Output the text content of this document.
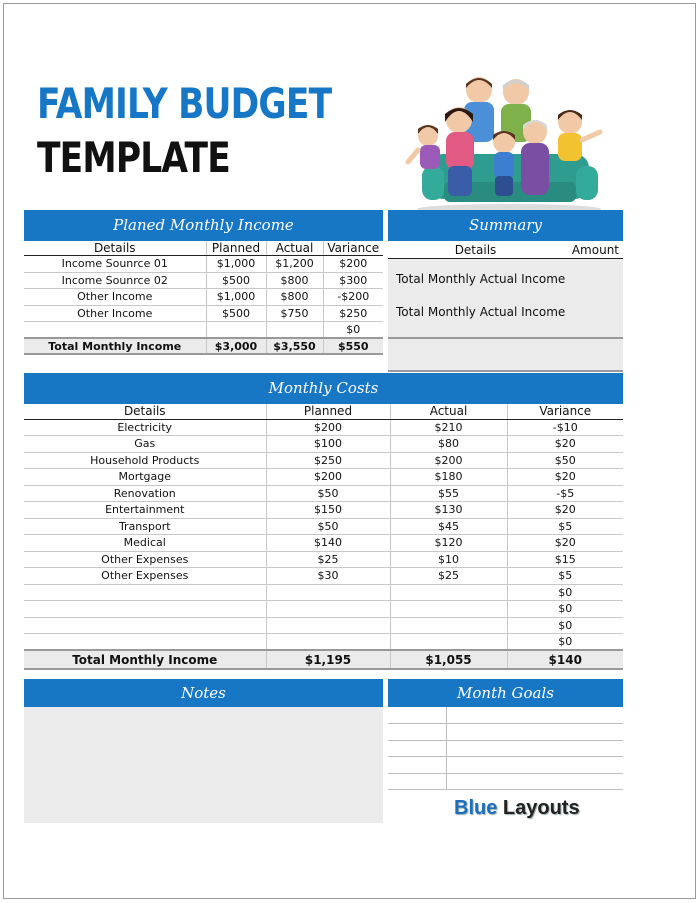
FAMILY BUDGET
TEMPLATE
Planed Monthly Income
Details	Planned	Actual	Variance
Income Sounrce 01	$1,000	$1,200	$200
Income Sounrce 02	$500	$800	$300
Other Income	$1,000	$800	-$200
Other Income	$500	$750	$250
			$0
Total Monthly Income	$3,000	$3,550	$550
Summary
Details	Amount
Total Monthly Actual Income
Total Monthly Actual Income
Monthly Costs
Details	Planned	Actual	Variance
Electricity	$200	$210	-$10
Gas	$100	$80	$20
Household Products	$250	$200	$50
Mortgage	$200	$180	$20
Renovation	$50	$55	-$5
Entertainment	$150	$130	$20
Transport	$50	$45	$5
Medical	$140	$120	$20
Other Expenses	$25	$10	$15
Other Expenses	$30	$25	$5
			$0
			$0
			$0
			$0
Total Monthly Income	$1,195	$1,055	$140
Notes	Month Goals

Blue Layouts
